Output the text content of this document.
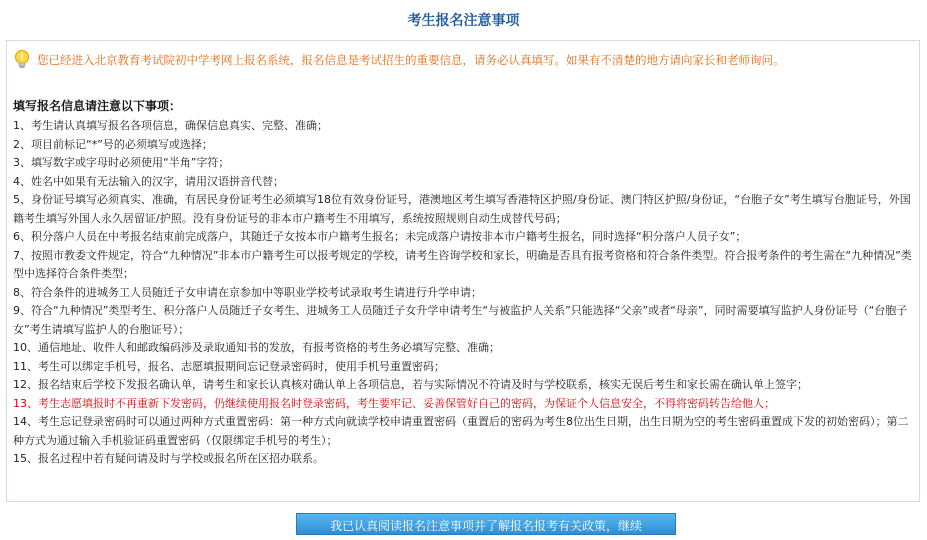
考生报名注意事项
您已经进入北京教育考试院初中学考网上报名系统，报名信息是考试招生的重要信息，请务必认真填写。如果有不清楚的地方请向家长和老师询问。
填写报名信息请注意以下事项：
1、考生请认真填写报名各项信息，确保信息真实、完整、准确；
2、项目前标记“*”号的必须填写或选择；
3、填写数字或字母时必须使用“半角”字符；
4、姓名中如果有无法输入的汉字，请用汉语拼音代替；
5、身份证号填写必须真实、准确，有居民身份证考生必须填写18位有效身份证号，港澳地区考生填写香港特区护照/身份证、澳门特区护照/身份证，“台胞子女”考生填写台胞证号，外国籍考生填写外国人永久居留证/护照。没有身份证号的非本市户籍考生不用填写，系统按照规则自动生成替代号码；
6、积分落户人员在中考报名结束前完成落户，其随迁子女按本市户籍考生报名；未完成落户请按非本市户籍考生报名，同时选择“积分落户人员子女”；
7、按照市教委文件规定，符合“九种情况”非本市户籍考生可以报考规定的学校，请考生咨询学校和家长，明确是否具有报考资格和符合条件类型。符合报考条件的考生需在“九种情况”类型中选择符合条件类型；
8、符合条件的进城务工人员随迁子女申请在京参加中等职业学校考试录取考生请进行升学申请；
9、符合“九种情况”类型考生、积分落户人员随迁子女考生、进城务工人员随迁子女升学申请考生“与被监护人关系”只能选择“父亲”或者“母亲”，同时需要填写监护人身份证号（“台胞子女”考生请填写监护人的台胞证号）；
10、通信地址、收件人和邮政编码涉及录取通知书的发放，有报考资格的考生务必填写完整、准确；
11、考生可以绑定手机号，报名、志愿填报期间忘记登录密码时，使用手机号重置密码；
12、报名结束后学校下发报名确认单，请考生和家长认真核对确认单上各项信息，若与实际情况不符请及时与学校联系，核实无误后考生和家长需在确认单上签字；
13、考生志愿填报时不再重新下发密码，仍继续使用报名时登录密码，考生要牢记、妥善保管好自己的密码，为保证个人信息安全，不得将密码转告给他人；
14、考生忘记登录密码时可以通过两种方式重置密码：第一种方式向就读学校申请重置密码（重置后的密码为考生8位出生日期，出生日期为空的考生密码重置成下发的初始密码）；第二种方式为通过输入手机验证码重置密码（仅限绑定手机号的考生）；
15、报名过程中若有疑问请及时与学校或报名所在区招办联系。
我已认真阅读报名注意事项并了解报名报考有关政策，继续
